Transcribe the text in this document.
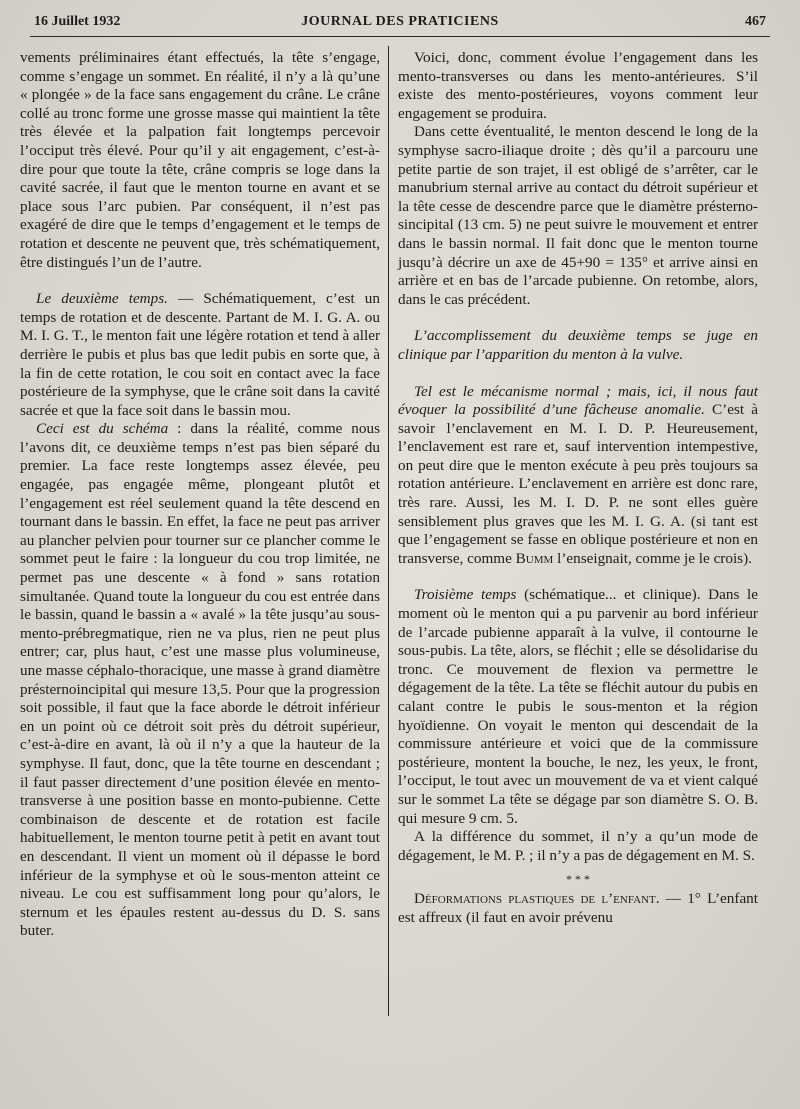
16 Juillet 1932	JOURNAL DES PRATICIENS	467

vements préliminaires étant effectués, la tête s’engage, comme s’engage un sommet. En réalité, il n’y a là qu’une « plongée » de la face sans engagement du crâne. Le crâne collé au tronc forme une grosse masse qui maintient la tête très élevée et la palpation fait longtemps percevoir l’occiput très élevé. Pour qu’il y ait engagement, c’est-à-dire pour que toute la tête, crâne compris se loge dans la cavité sacrée, il faut que le menton tourne en avant et se place sous l’arc pubien. Par conséquent, il n’est pas exagéré de dire que le temps d’engagement et le temps de rotation et descente ne peuvent que, très schématiquement, être distingués l’un de l’autre.

Le deuxième temps. — Schématiquement, c’est un temps de rotation et de descente. Partant de M. I. G. A. ou M. I. G. T., le menton fait une légère rotation et tend à aller derrière le pubis et plus bas que ledit pubis en sorte que, à la fin de cette rotation, le cou soit en contact avec la face postérieure de la symphyse, que le crâne soit dans la cavité sacrée et que la face soit dans le bassin mou.

Ceci est du schéma : dans la réalité, comme nous l’avons dit, ce deuxième temps n’est pas bien séparé du premier. La face reste longtemps assez élevée, peu engagée, pas engagée même, plongeant plutôt et l’engagement est réel seulement quand la tête descend en tournant dans le bassin. En effet, la face ne peut pas arriver au plancher pelvien pour tourner sur ce plancher comme le sommet peut le faire : la longueur du cou trop limitée, ne permet pas une descente « à fond » sans rotation simultanée. Quand toute la longueur du cou est entrée dans le bassin, quand le bassin a « avalé » la tête jusqu’au sous-mento-prébregmatique, rien ne va plus, rien ne peut plus entrer; car, plus haut, c’est une masse plus volumineuse, une masse céphalo-thoracique, une masse à grand diamètre présternoincipital qui mesure 13,5. Pour que la progression soit possible, il faut que la face aborde le détroit inférieur en un point où ce détroit soit près du détroit supérieur, c’est-à-dire en avant, là où il n’y a que la hauteur de la symphyse. Il faut, donc, que la tête tourne en descendant ; il faut passer directement d’une position élevée en mento-transverse à une position basse en monto-pubienne. Cette combinaison de descente et de rotation est facile habituellement, le menton tourne petit à petit en avant tout en descendant. Il vient un moment où il dépasse le bord inférieur de la symphyse et où le sous-menton atteint ce niveau. Le cou est suffisamment long pour qu’alors, le sternum et les épaules restent au-dessus du D. S. sans buter.

Voici, donc, comment évolue l’engagement dans les mento-transverses ou dans les mento-antérieures. S’il existe des mento-postérieures, voyons comment leur engagement se produira.

Dans cette éventualité, le menton descend le long de la symphyse sacro-iliaque droite ; dès qu’il a parcouru une petite partie de son trajet, il est obligé de s’arrêter, car le manubrium sternal arrive au contact du détroit supérieur et la tête cesse de descendre parce que le diamètre présterno-sincipital (13 cm. 5) ne peut suivre le mouvement et entrer dans le bassin normal. Il fait donc que le menton tourne jusqu’à décrire un axe de 45+90 = 135° et arrive ainsi en arrière et en bas de l’arcade pubienne. On retombe, alors, dans le cas précédent.

L’accomplissement du deuxième temps se juge en clinique par l’apparition du menton à la vulve.

Tel est le mécanisme normal ; mais, ici, il nous faut évoquer la possibilité d’une fâcheuse anomalie. C’est à savoir l’enclavement en M. I. D. P. Heureusement, l’enclavement est rare et, sauf intervention intempestive, on peut dire que le menton exécute à peu près toujours sa rotation antérieure. L’enclavement en arrière est donc rare, très rare. Aussi, les M. I. D. P. ne sont elles guère sensiblement plus graves que les M. I. G. A. (si tant est que l’engagement se fasse en oblique postérieure et non en transverse, comme Bumm l’enseignait, comme je le crois).

Troisième temps (schématique... et clinique). Dans le moment où le menton qui a pu parvenir au bord inférieur de l’arcade pubienne apparaît à la vulve, il contourne le sous-pubis. La tête, alors, se fléchit ; elle se désolidarise du tronc. Ce mouvement de flexion va permettre le dégagement de la tête. La tête se fléchit autour du pubis en calant contre le pubis le sous-menton et la région hyoïdienne. On voyait le menton qui descendait de la commissure antérieure et voici que de la commissure postérieure, montent la bouche, le nez, les yeux, le front, l’occiput, le tout avec un mouvement de va et vient calqué sur le sommet La tête se dégage par son diamètre S. O. B. qui mesure 9 cm. 5.

A la différence du sommet, il n’y a qu’un mode de dégagement, le M. P. ; il n’y a pas de dégagement en M. S.

* * *

Déformations plastiques de l’enfant. — 1° L’enfant est affreux (il faut en avoir prévenu
